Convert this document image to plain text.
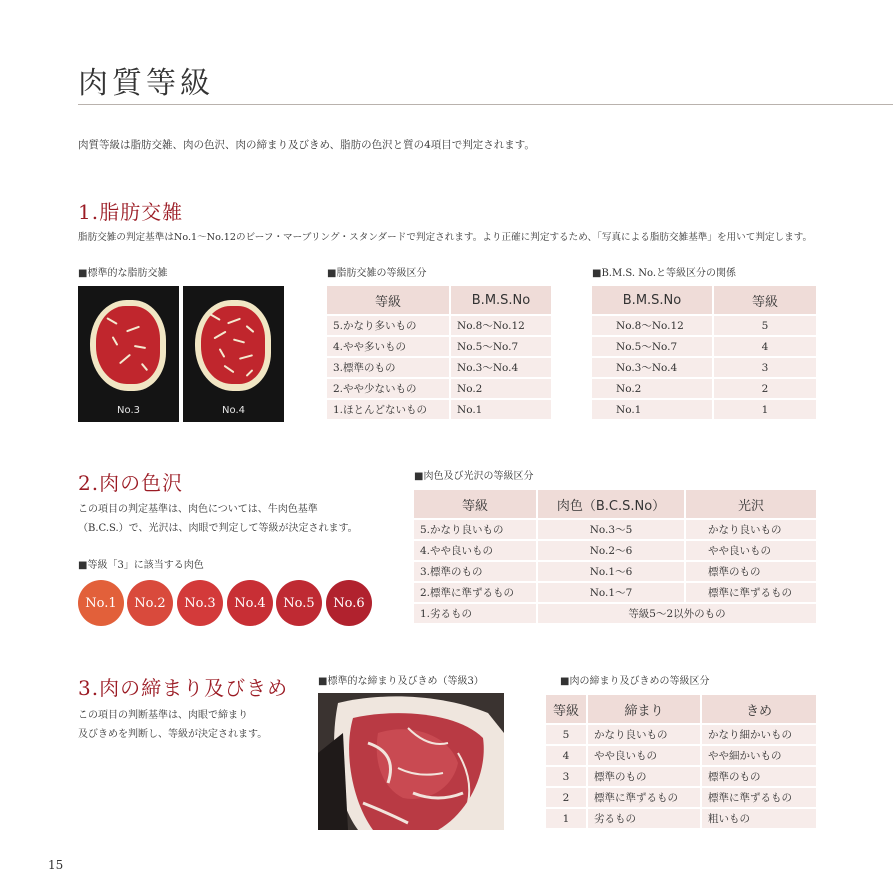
肉質等級
肉質等級は脂肪交雑、肉の色沢、肉の締まり及びきめ、脂肪の色沢と質の4項目で判定されます。
1.脂肪交雑
脂肪交雑の判定基準はNo.1～No.12のビーフ・マーブリング・スタンダードで判定されます。より正確に判定するため、「写真による脂肪交雑基準」を用いて判定します。
■標準的な脂肪交雑
No.3	No.4
■脂肪交雑の等級区分
等級	B.M.S.No
5.かなり多いもの	No.8～No.12
4.やや多いもの	No.5～No.7
3.標準のもの	No.3～No.4
2.やや少ないもの	No.2
1.ほとんどないもの	No.1
■B.M.S. No.と等級区分の関係
B.M.S.No	等級
No.8～No.12	5
No.5～No.7	4
No.3～No.4	3
No.2	2
No.1	1
2.肉の色沢
この項目の判定基準は、肉色については、牛肉色基準
（B.C.S.）で、光沢は、肉眼で判定して等級が決定されます。
■等級「3」に該当する肉色
No.1	No.2	No.3	No.4	No.5	No.6
■肉色及び光沢の等級区分
等級	肉色（B.C.S.No）	光沢
5.かなり良いもの	No.3～5	かなり良いもの
4.やや良いもの	No.2～6	やや良いもの
3.標準のもの	No.1～6	標準のもの
2.標準に準ずるもの	No.1～7	標準に準ずるもの
1.劣るもの	等級5～2以外のもの	
3.肉の締まり及びきめ
この項目の判断基準は、肉眼で締まり
及びきめを判断し、等級が決定されます。
■標準的な締まり及びきめ（等級3）	■肉の締まり及びきめの等級区分
等級	締まり	きめ
5	かなり良いもの	かなり細かいもの
4	やや良いもの	やや細かいもの
3	標準のもの	標準のもの
2	標準に準ずるもの	標準に準ずるもの
1	劣るもの	粗いもの
15
